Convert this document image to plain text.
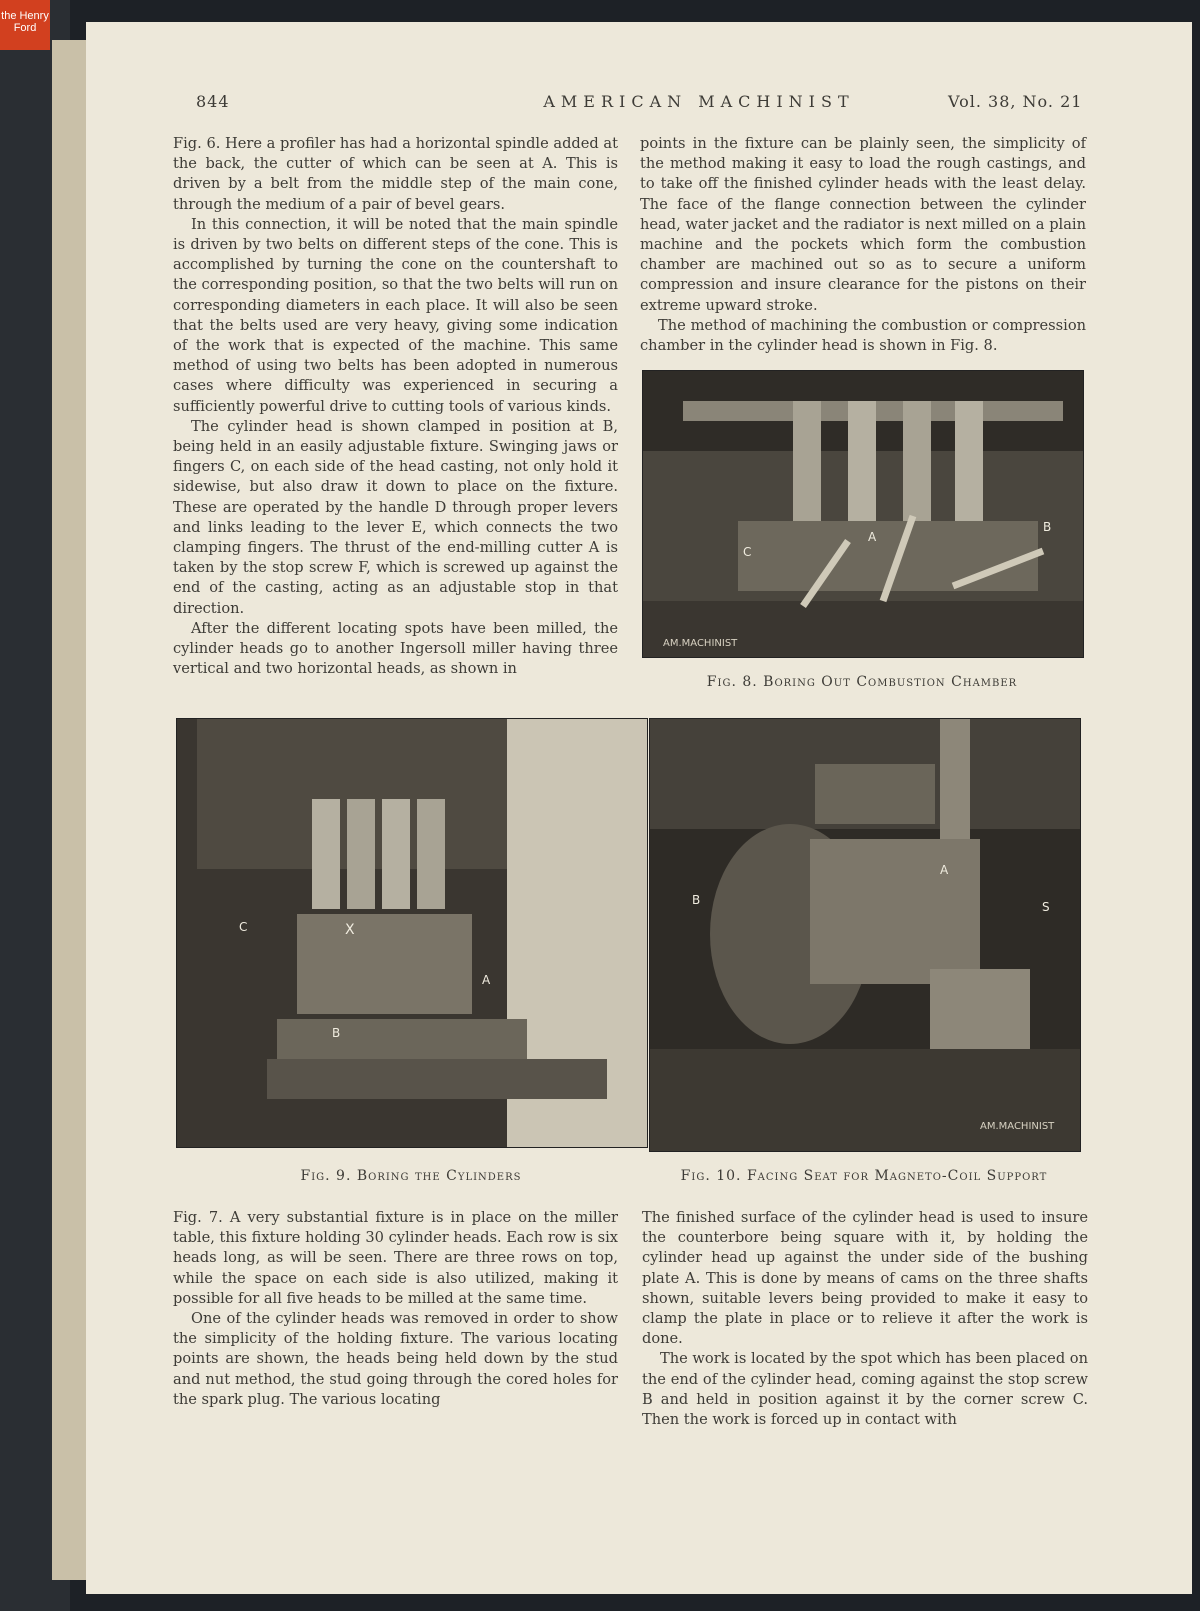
the Henry Ford
844	AMERICAN MACHINIST	Vol. 38, No. 21

Fig. 6. Here a profiler has had a horizontal spindle added at the back, the cutter of which can be seen at A. This is driven by a belt from the middle step of the main cone, through the medium of a pair of bevel gears.

In this connection, it will be noted that the main spindle is driven by two belts on different steps of the cone. This is accomplished by turning the cone on the countershaft to the corresponding position, so that the two belts will run on corresponding diameters in each place. It will also be seen that the belts used are very heavy, giving some indication of the work that is expected of the machine. This same method of using two belts has been adopted in numerous cases where difficulty was experienced in securing a sufficiently powerful drive to cutting tools of various kinds.

The cylinder head is shown clamped in position at B, being held in an easily adjustable fixture. Swinging jaws or fingers C, on each side of the head casting, not only hold it sidewise, but also draw it down to place on the fixture. These are operated by the handle D through proper levers and links leading to the lever E, which connects the two clamping fingers. The thrust of the end-milling cutter A is taken by the stop screw F, which is screwed up against the end of the casting, acting as an adjustable stop in that direction.

After the different locating spots have been milled, the cylinder heads go to another Ingersoll miller having three vertical and two horizontal heads, as shown in

points in the fixture can be plainly seen, the simplicity of the method making it easy to load the rough castings, and to take off the finished cylinder heads with the least delay. The face of the flange connection between the cylinder head, water jacket and the radiator is next milled on a plain machine and the pockets which form the combustion chamber are machined out so as to secure a uniform compression and insure clearance for the pistons on their extreme upward stroke.

The method of machining the combustion or compression chamber in the cylinder head is shown in Fig. 8.

A
B
C
AM.MACHINIST
Fig. 8. Boring Out Combustion Chamber
C	X
A
B
B
A
S
AM.MACHINIST
Fig. 9. Boring the Cylinders	Fig. 10. Facing Seat for Magneto-Coil Support

Fig. 7. A very substantial fixture is in place on the miller table, this fixture holding 30 cylinder heads. Each row is six heads long, as will be seen. There are three rows on top, while the space on each side is also utilized, making it possible for all five heads to be milled at the same time.

One of the cylinder heads was removed in order to show the simplicity of the holding fixture. The various locating points are shown, the heads being held down by the stud and nut method, the stud going through the cored holes for the spark plug. The various locating

The finished surface of the cylinder head is used to insure the counterbore being square with it, by holding the cylinder head up against the under side of the bushing plate A. This is done by means of cams on the three shafts shown, suitable levers being provided to make it easy to clamp the plate in place or to relieve it after the work is done.

The work is located by the spot which has been placed on the end of the cylinder head, coming against the stop screw B and held in position against it by the corner screw C. Then the work is forced up in contact with
